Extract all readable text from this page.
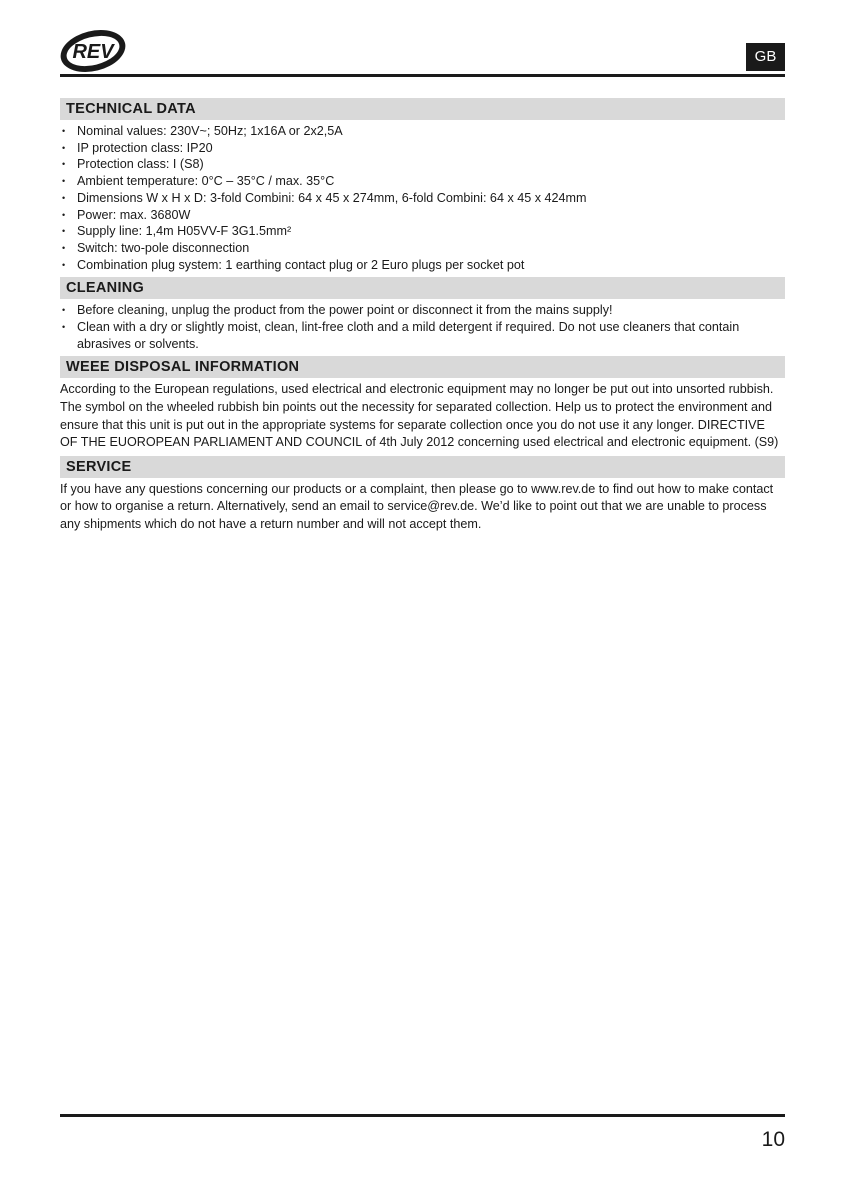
REV	GB
TECHNICAL DATA
• Nominal values: 230V~; 50Hz; 1x16A or 2x2,5A
• IP protection class: IP20
• Protection class: I (S8)
• Ambient temperature: 0°C – 35°C / max. 35°C
• Dimensions W x H x D: 3-fold Combini: 64 x 45 x 274mm, 6-fold Combini: 64 x 45 x 424mm
• Power: max. 3680W
• Supply line: 1,4m H05VV-F 3G1.5mm²
• Switch: two-pole disconnection
• Combination plug system: 1 earthing contact plug or 2 Euro plugs per socket pot
CLEANING
• Before cleaning, unplug the product from the power point or disconnect it from the mains supply!
• Clean with a dry or slightly moist, clean, lint-free cloth and a mild detergent if required. Do not use cleaners that contain abrasives or solvents.
WEEE DISPOSAL INFORMATION

According to the European regulations, used electrical and electronic equipment may no longer be put out into unsorted rubbish. The symbol on the wheeled rubbish bin points out the necessity for separated collection. Help us to protect the environment and ensure that this unit is put out in the appropriate systems for separate collection once you do not use it any longer. DIRECTIVE OF THE EUOROPEAN PARLIAMENT AND COUNCIL of 4th July 2012 concerning used electrical and electronic equipment. (S9)

SERVICE

If you have any questions concerning our products or a complaint, then please go to www.rev.de to find out how to make contact or how to organise a return. Alternatively, send an email to service@rev.de. We’d like to point out that we are unable to process any shipments which do not have a return number and will not accept them.

10
